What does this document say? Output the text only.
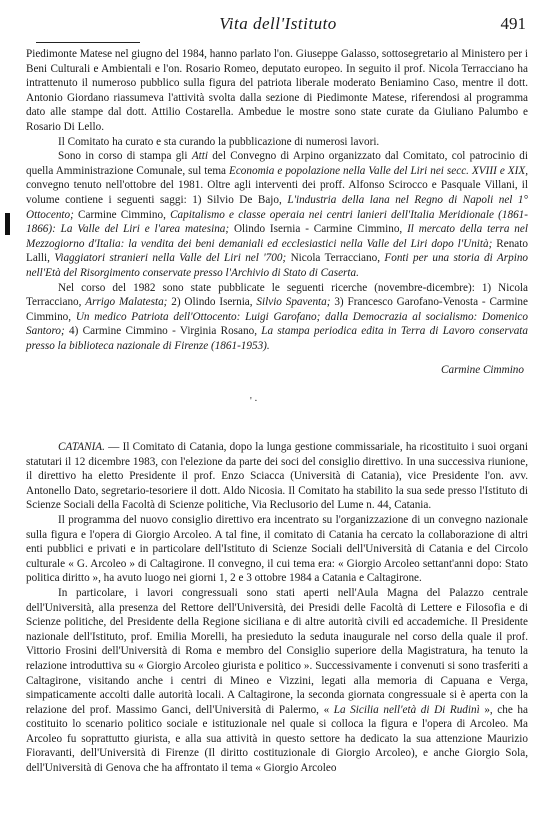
Vita dell'Istituto	491

Piedimonte Matese nel giugno del 1984, hanno parlato l'on. Giuseppe Galasso, sottosegretario al Ministero per i Beni Culturali e Ambientali e l'on. Rosario Romeo, deputato europeo. In seguito il prof. Nicola Terracciano ha intrattenuto il numeroso pubblico sulla figura del patriota liberale moderato Beniamino Caso, mentre il dott. Antonio Giordano riassumeva l'attività svolta dalla sezione di Piedimonte Matese, riferendosi al programma dato alle stampe dal dott. Attilio Costarella. Ambedue le mostre sono state curate da Giuliano Palumbo e Rosario Di Lello.

Il Comitato ha curato e sta curando la pubblicazione di numerosi lavori.

Sono in corso di stampa gli Atti del Convegno di Arpino organizzato dal Comitato, col patrocinio di quella Amministrazione Comunale, sul tema Economia e popolazione nella Valle del Liri nei secc. XVIII e XIX, convegno tenuto nell'ottobre del 1981. Oltre agli interventi dei proff. Alfonso Scirocco e Pasquale Villani, il volume contiene i seguenti saggi: 1) Silvio De Bajo, L'industria della lana nel Regno di Napoli nel 1° Ottocento; Carmine Cimmino, Capitalismo e classe operaia nei centri lanieri dell'Italia Meridionale (1861-1866): La Valle del Liri e l'area matesina; Olindo Isernia - Carmine Cimmino, Il mercato della terra nel Mezzogiorno d'Italia: la vendita dei beni demaniali ed ecclesiastici nella Valle del Liri dopo l'Unità; Renato Lalli, Viaggiatori stranieri nella Valle del Liri nel '700; Nicola Terracciano, Fonti per una storia di Arpino nell'Età del Risorgimento conservate presso l'Archivio di Stato di Caserta.

Nel corso del 1982 sono state pubblicate le seguenti ricerche (novembre-dicembre): 1) Nicola Terracciano, Arrigo Malatesta; 2) Olindo Isernia, Silvio Spaventa; 3) Francesco Garofano-Venosta - Carmine Cimmino, Un medico Patriota dell'Ottocento: Luigi Garofano; dalla Democrazia al socialismo: Domenico Santoro; 4) Carmine Cimmino - Virginia Rosano, La stampa periodica edita in Terra di Lavoro conservata presso la biblioteca nazionale di Firenze (1861-1953).

Carmine Cimmino
' ·

CATANIA. — Il Comitato di Catania, dopo la lunga gestione commissariale, ha ricostituito i suoi organi statutari il 12 dicembre 1983, con l'elezione da parte dei soci del consiglio direttivo. In una successiva riunione, il direttivo ha eletto Presidente il prof. Enzo Sciacca (Università di Catania), vice Presidente l'on. avv. Antonello Dato, segretario-tesoriere il dott. Aldo Nicosia. Il Comitato ha stabilito la sua sede presso l'Istituto di Scienze Sociali della Facoltà di Scienze politiche, Via Reclusorio del Lume n. 44, Catania.

Il programma del nuovo consiglio direttivo era incentrato su l'organizzazione di un convegno nazionale sulla figura e l'opera di Giorgio Arcoleo. A tal fine, il comitato di Catania ha cercato la collaborazione di altri enti pubblici e privati e in particolare dell'Istituto di Scienze Sociali dell'Università di Catania e del Circolo culturale « G. Arcoleo » di Caltagirone. Il convegno, il cui tema era: « Giorgio Arcoleo settant'anni dopo: Stato politica diritto », ha avuto luogo nei giorni 1, 2 e 3 ottobre 1984 a Catania e Caltagirone.

In particolare, i lavori congressuali sono stati aperti nell'Aula Magna del Palazzo centrale dell'Università, alla presenza del Rettore dell'Università, dei Presidi delle Facoltà di Lettere e Filosofia e di Scienze politiche, del Presidente della Regione siciliana e di altre autorità civili ed accademiche. Il Presidente nazionale dell'Istituto, prof. Emilia Morelli, ha presieduto la seduta inaugurale nel corso della quale il prof. Vittorio Frosini dell'Università di Roma e membro del Consiglio superiore della Magistratura, ha tenuto la relazione introduttiva su « Giorgio Arcoleo giurista e politico ». Successivamente i convenuti si sono trasferiti a Caltagirone, visitando anche i centri di Mineo e Vizzini, legati alla memoria di Capuana e Verga, simpaticamente accolti dalle autorità locali. A Caltagirone, la seconda giornata congressuale si è aperta con la relazione del prof. Massimo Ganci, dell'Università di Palermo, « La Sicilia nell'età di Di Rudinì », che ha costituito lo scenario politico sociale e istituzionale nel quale si colloca la figura e l'opera di Arcoleo. Ma Arcoleo fu soprattutto giurista, e alla sua attività in questo settore ha dedicato la sua attenzione Maurizio Fioravanti, dell'Università di Firenze (Il diritto costituzionale di Giorgio Arcoleo), e anche Giorgio Sola, dell'Università di Genova che ha affrontato il tema « Giorgio Arcoleo
